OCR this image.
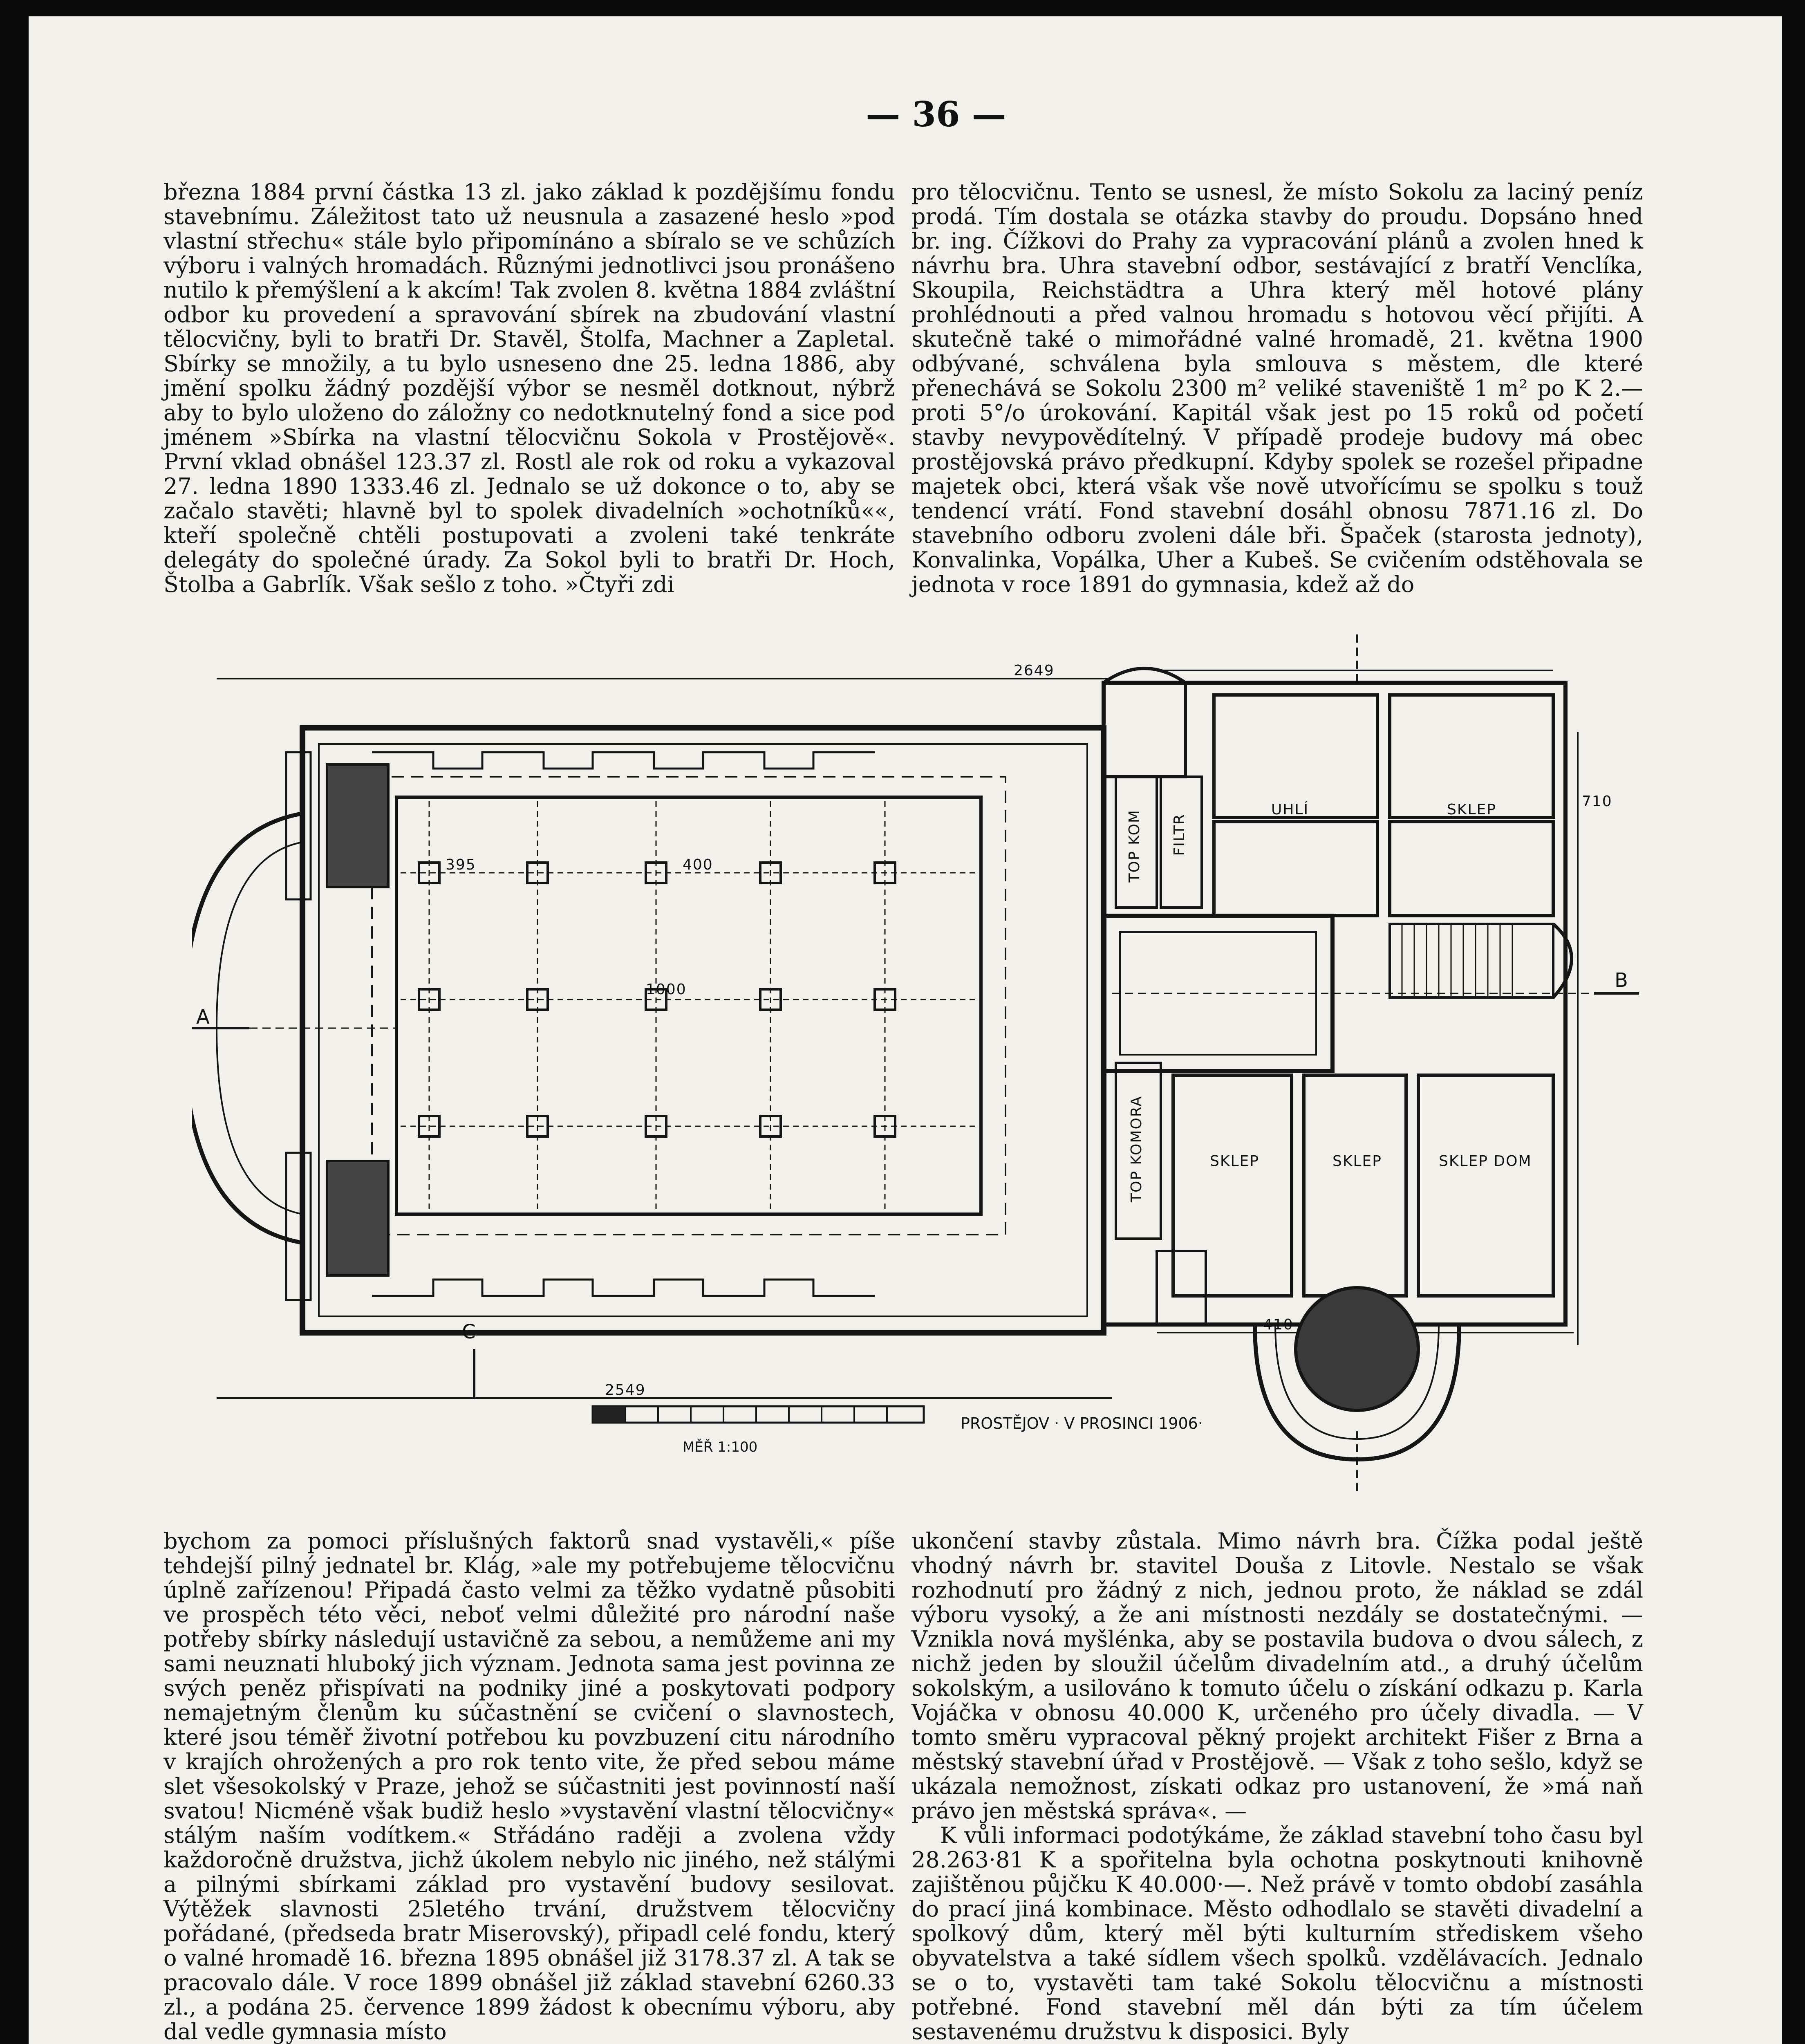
— 36 —

března 1884 první částka 13 zl. jako základ k pozdějšímu fondu stavebnímu. Záležitost tato už neusnula a zasazené heslo »pod vlastní střechu« stále bylo připomínáno a sbíralo se ve schůzích výboru i valných hromadách. Různými jednotlivci jsou pronášeno nutilo k přemýšlení a k akcím! Tak zvolen 8. května 1884 zvláštní odbor ku provedení a spravování sbírek na zbudování vlastní tělocvičny, byli to bratři Dr. Stavěl, Štolfa, Machner a Zapletal. Sbírky se množily, a tu bylo usneseno dne 25. ledna 1886, aby jmění spolku žádný pozdější výbor se nesměl dotknout, nýbrž aby to bylo uloženo do záložny co nedotknutelný fond a sice pod jménem »Sbírka na vlastní tělocvičnu Sokola v Prostějově«. První vklad obnášel 123.37 zl. Rostl ale rok od roku a vykazoval 27. ledna 1890 1333.46 zl. Jednalo se už dokonce o to, aby se začalo stavěti; hlavně byl to spolek divadelních »ochotníků««, kteří společně chtěli postupovati a zvoleni také tenkráte delegáty do společné úrady. Za Sokol byli to bratři Dr. Hoch, Štolba a Gabrlík. Však sešlo z toho. »Čtyři zdi

pro tělocvičnu. Tento se usnesl, že místo Sokolu za laciný peníz prodá. Tím dostala se otázka stavby do proudu. Dopsáno hned br. ing. Čížkovi do Prahy za vypracování plánů a zvolen hned k návrhu bra. Uhra stavební odbor, sestávající z bratří Venclíka, Skoupila, Reichstädtra a Uhra který měl hotové plány prohlédnouti a před valnou hromadu s hotovou věcí přijíti. A skutečně také o mimořádné valné hromadě, 21. května 1900 odbývané, schválena byla smlouva s městem, dle které přenechává se Sokolu 2300 m² veliké staveniště 1 m² po K 2.— proti 5°/o úrokování. Kapitál však jest po 15 roků od početí stavby nevypovědítelný. V případě prodeje budovy má obec prostějovská právo předkupní. Kdyby spolek se rozešel připadne majetek obci, která však vše nově utvořícímu se spolku s touž tendencí vrátí. Fond stavební dosáhl obnosu 7871.16 zl. Do stavebního odboru zvoleni dále bři. Špaček (starosta jednoty), Konvalinka, Vopálka, Uher a Kubeš. Se cvičením odstěhovala se jednota v roce 1891 do gymnasia, kdež až do

2649
2549
395	400
410
710
1000
UHLÍ	SKLEP
FILTR
TOP KOM
TOP KOMORA	SKLEP	SKLEP	SKLEP DOM
A
B
C
PROSTĚJOV · V PROSINCI 1906·
MĚŘ 1:100

bychom za pomoci příslušných faktorů snad vystavěli,« píše tehdejší pilný jednatel br. Klág, »ale my potřebujeme tělocvičnu úplně zařízenou! Připadá často velmi za těžko vydatně působiti ve prospěch této věci, neboť velmi důležité pro národní naše potřeby sbírky následují ustavičně za sebou, a nemůžeme ani my sami neuznati hluboký jich význam. Jednota sama jest povinna ze svých peněz přispívati na podniky jiné a poskytovati podpory nemajetným členům ku súčastnění se cvičení o slavnostech, které jsou téměř životní potřebou ku povzbuzení citu národního v krajích ohrožených a pro rok tento vite, že před sebou máme slet všesokolský v Praze, jehož se súčastniti jest povinností naší svatou! Nicméně však budiž heslo »vystavění vlastní tělocvičny« stálým naším vodítkem.« Střádáno raději a zvolena vždy každoročně družstva, jichž úkolem nebylo nic jiného, než stálými a pilnými sbírkami základ pro vystavění budovy sesilovat. Výtěžek slavnosti 25letého trvání, družstvem tělocvičny pořádané, (předseda bratr Miserovský), připadl celé fondu, který o valné hromadě 16. března 1895 obnášel již 3178.37 zl. A tak se pracovalo dále. V roce 1899 obnášel již základ stavební 6260.33 zl., a podána 25. července 1899 žádost k obecnímu výboru, aby dal vedle gymnasia místo

ukončení stavby zůstala. Mimo návrh bra. Čížka podal ještě vhodný návrh br. stavitel Douša z Litovle. Nestalo se však rozhodnutí pro žádný z nich, jednou proto, že náklad se zdál výboru vysoký, a že ani místnosti nezdály se dostatečnými. — Vznikla nová myšlénka, aby se postavila budova o dvou sálech, z nichž jeden by sloužil účelům divadelním atd., a druhý účelům sokolským, a usilováno k tomuto účelu o získání odkazu p. Karla Vojáčka v obnosu 40.000 K, určeného pro účely divadla. — V tomto směru vypracoval pěkný projekt architekt Fišer z Brna a městský stavební úřad v Prostějově. — Však z toho sešlo, když se ukázala nemožnost, získati odkaz pro ustanovení, že »má naň právo jen městská správa«. —

K vůli informaci podotýkáme, že základ stavební toho času byl 28.263·81 K a spořitelna byla ochotna poskytnouti knihovně zajištěnou půjčku K 40.000·—. Než právě v tomto období zasáhla do prací jiná kombinace. Město odhodlalo se stavěti divadelní a spolkový dům, který měl býti kulturním střediskem všeho obyvatelstva a také sídlem všech spolků. vzdělávacích. Jednalo se o to, vystavěti tam také Sokolu tělocvičnu a místnosti potřebné. Fond stavební měl dán býti za tím účelem sestavenému družstvu k disposici. Byly
